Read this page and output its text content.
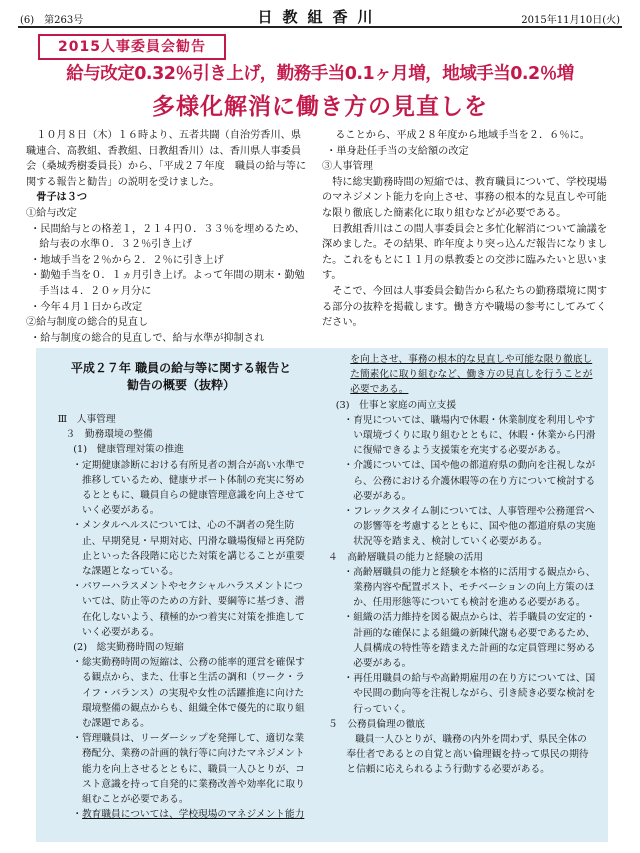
(6)　第263号	日教組香川	2015年11月10日(火)
2015人事委員会勧告
給与改定0.32％引き上げ，勤務手当0.1ヶ月増，地域手当0.2％増
多様化解消に働き方の見直しを

１０月８日（木）１６時より、五者共闘（自治労香川、県職連合、高教組、香教組、日教組香川）は、香川県人事委員会（桑城秀樹委員長）から、「平成２７年度　職員の給与等に関する報告と勧告」の説明を受けました。

骨子は３つ

①給与改定

・民間給与との格差１，２１４円０．３３％を埋めるため、給与表の水準０．３２％引き上げ

・地域手当を２％から２．２％に引き上げ

・勤勉手当を０．１ヵ月引き上げ。よって年間の期末・勤勉手当は４．２０ヶ月分に

・今年４月１日から改定

②給与制度の総合的見直し

・給与制度の総合的見直しで、給与水準が抑制され

ることから、平成２８年度から地域手当を２．６％に。

・単身赴任手当の支給額の改定

③人事管理

特に総実勤務時間の短縮では、教育職員について、学校現場のマネジメント能力を向上させ、事務の根本的な見直しや可能な限り徹底した簡素化に取り組むなどが必要である。

日教組香川はこの間人事委員会と多忙化解消について論議を深めました。その結果、昨年度より突っ込んだ報告になりました。これをもとに１１月の県教委との交渉に臨みたいと思います。

そこで、今回は人事委員会勧告から私たちの勤務環境に関する部分の抜粋を掲載します。働き方や職場の参考にしてみてください。

平成２７年 職員の給与等に関する報告と
勧告の概要（抜粋）

Ⅲ　人事管理

３　勤務環境の整備

(1)　健康管理対策の推進

・定期健康診断における有所見者の割合が高い水準で推移しているため、健康サポート体制の充実に努めるとともに、職員自らの健康管理意識を向上させていく必要がある。

・メンタルヘルスについては、心の不調者の発生防止、早期発見・早期対応、円滑な職場復帰と再発防止といった各段階に応じた対策を講じることが重要な課題となっている。

・パワーハラスメントやセクシャルハラスメントについては、防止等のための方針、要綱等に基づき、潜在化しないよう、積極的かつ着実に対策を推進していく必要がある。

(2)　総実勤務時間の短縮

・総実勤務時間の短縮は、公務の能率的運営を確保する観点から、また、仕事と生活の調和（ワーク・ライフ・バランス）の実現や女性の活躍推進に向けた環境整備の観点からも、組織全体で優先的に取り組む課題である。

・管理職員は、リーダーシップを発揮して、適切な業務配分、業務の計画的執行等に向けたマネジメント能力を向上させるとともに、職員一人ひとりが、コスト意識を持って自発的に業務改善や効率化に取り組むことが必要である。

・教育職員については、学校現場のマネジメント能力

を向上させ、事務の根本的な見直しや可能な限り徹底した簡素化に取り組むなど、働き方の見直しを行うことが必要である。

(3)　仕事と家庭の両立支援

・育児については、職場内で休暇・休業制度を利用しやすい環境づくりに取り組むとともに、休暇・休業から円滑に復帰できるよう支援策を充実する必要がある。

・介護については、国や他の都道府県の動向を注視しながら、公務における介護休暇等の在り方について検討する必要がある。

・フレックスタイム制については、人事管理や公務運営への影響等を考慮するとともに、国や他の都道府県の実施状況等を踏まえ、検討していく必要がある。

４　高齢層職員の能力と経験の活用

・高齢層職員の能力と経験を本格的に活用する観点から、業務内容や配置ポスト、モチベーションの向上方策のほか、任用形態等についても検討を進める必要がある。

・組織の活力維持を図る観点からは、若手職員の安定的・計画的な確保による組織の新陳代謝も必要であるため、人員構成の特性等を踏まえた計画的な定員管理に努める必要がある。

・再任用職員の給与や高齢期雇用の在り方については、国や民間の動向等を注視しながら、引き続き必要な検討を行っていく。

５　公務員倫理の徹底

職員一人ひとりが、職務の内外を問わず、県民全体の奉仕者であるとの自覚と高い倫理観を持って県民の期待と信頼に応えられるよう行動する必要がある。
